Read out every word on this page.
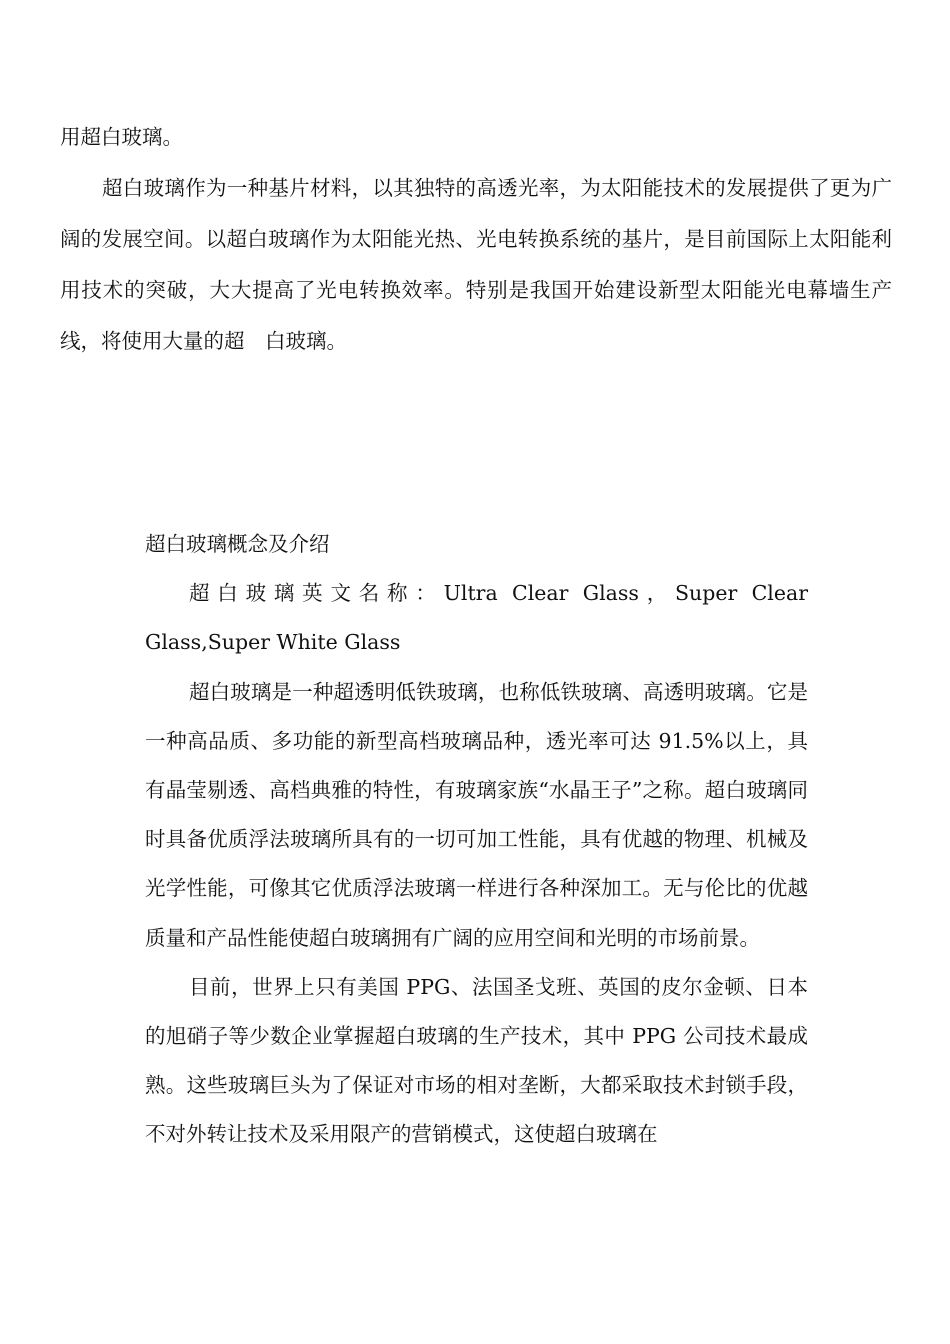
用超白玻璃。

超白玻璃作为一种基片材料，以其独特的高透光率，为太阳能技术的发展提供了更为广阔的发展空间。以超白玻璃作为太阳能光热、光电转换系统的基片，是目前国际上太阳能利用技术的突破，大大提高了光电转换效率。特别是我国开始建设新型太阳能光电幕墙生产线，将使用大量的超　白玻璃。

超白玻璃概念及介绍

超白玻璃英文名称：Ultra Clear Glass，Super Clear Glass,Super White Glass

超白玻璃是一种超透明低铁玻璃，也称低铁玻璃、高透明玻璃。它是一种高品质、多功能的新型高档玻璃品种，透光率可达 91.5%以上，具有晶莹剔透、高档典雅的特性，有玻璃家族“水晶王子”之称。超白玻璃同时具备优质浮法玻璃所具有的一切可加工性能，具有优越的物理、机械及光学性能，可像其它优质浮法玻璃一样进行各种深加工。无与伦比的优越质量和产品性能使超白玻璃拥有广阔的应用空间和光明的市场前景。

目前，世界上只有美国 PPG、法国圣戈班、英国的皮尔金顿、日本的旭硝子等少数企业掌握超白玻璃的生产技术，其中 PPG 公司技术最成熟。这些玻璃巨头为了保证对市场的相对垄断，大都采取技术封锁手段，不对外转让技术及采用限产的营销模式，这使超白玻璃在
